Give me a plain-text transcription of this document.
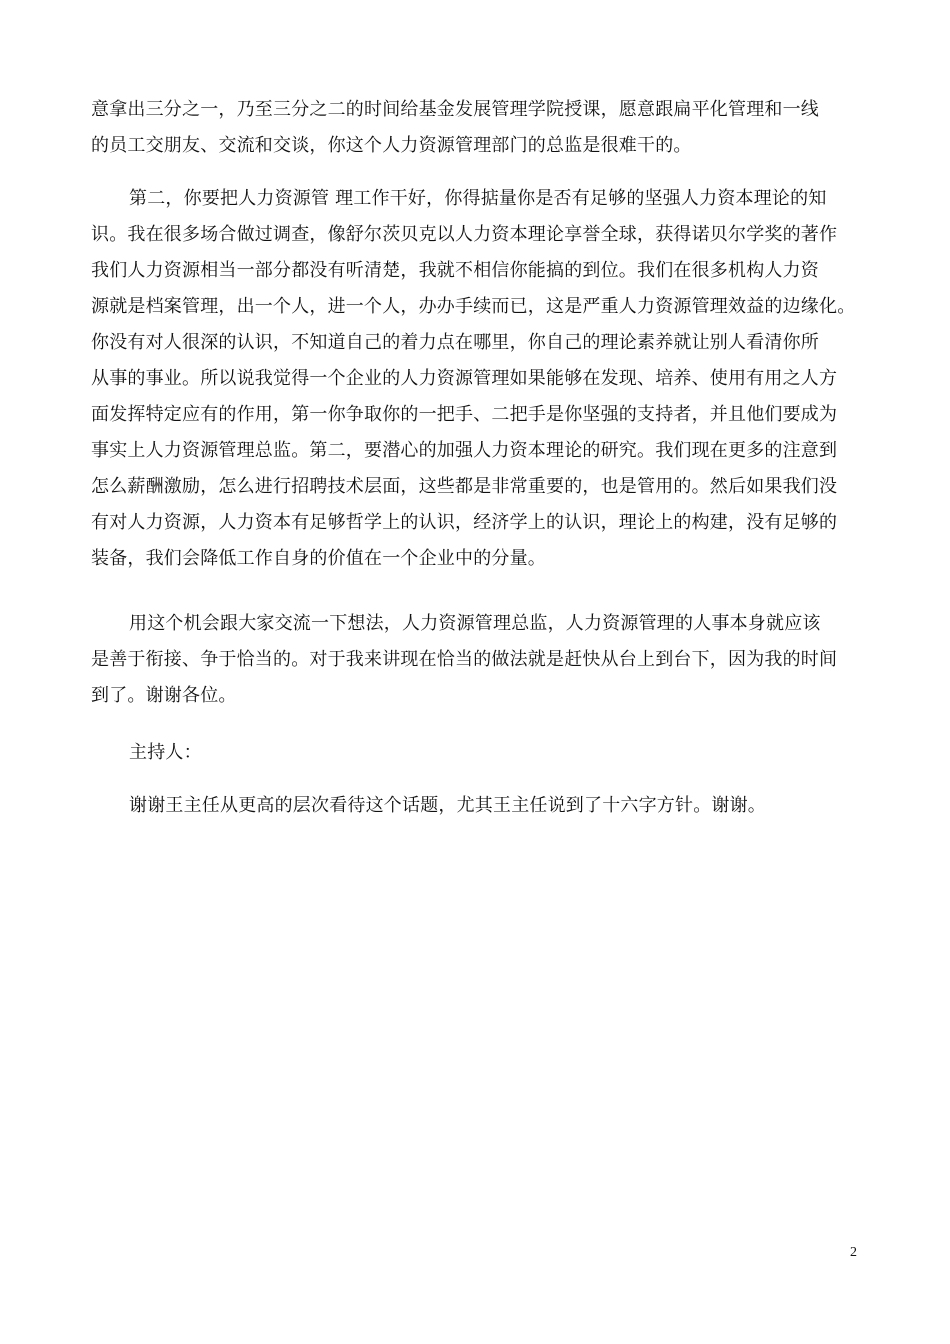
意拿出三分之一，乃至三分之二的时间给基金发展管理学院授课，愿意跟扁平化管理和一线
的员工交朋友、交流和交谈，你这个人力资源管理部门的总监是很难干的。
第二，你要把人力资源管 理工作干好，你得掂量你是否有足够的坚强人力资本理论的知
识。我在很多场合做过调查，像舒尔茨贝克以人力资本理论享誉全球，获得诺贝尔学奖的著作
我们人力资源相当一部分都没有听清楚，我就不相信你能搞的到位。我们在很多机构人力资
源就是档案管理，出一个人，进一个人，办办手续而已，这是严重人力资源管理效益的边缘化。
你没有对人很深的认识，不知道自己的着力点在哪里，你自己的理论素养就让别人看清你所
从事的事业。所以说我觉得一个企业的人力资源管理如果能够在发现、培养、使用有用之人方
面发挥特定应有的作用，第一你争取你的一把手、二把手是你坚强的支持者，并且他们要成为
事实上人力资源管理总监。第二，要潜心的加强人力资本理论的研究。我们现在更多的注意到
怎么薪酬激励，怎么进行招聘技术层面，这些都是非常重要的，也是管用的。然后如果我们没
有对人力资源，人力资本有足够哲学上的认识，经济学上的认识，理论上的构建，没有足够的
装备，我们会降低工作自身的价值在一个企业中的分量。
用这个机会跟大家交流一下想法，人力资源管理总监，人力资源管理的人事本身就应该
是善于衔接、争于恰当的。对于我来讲现在恰当的做法就是赶快从台上到台下，因为我的时间
到了。谢谢各位。
主持人：
谢谢王主任从更高的层次看待这个话题，尤其王主任说到了十六字方针。谢谢。
2
